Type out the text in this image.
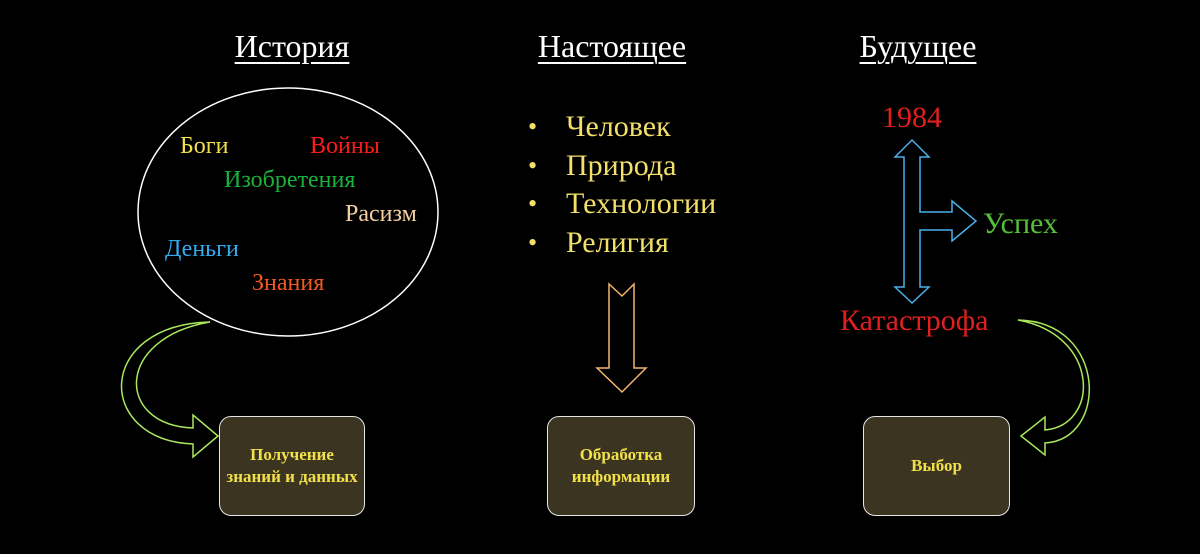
История	Настоящее	Будущее
Боги	Войны
Изобретения
Расизм
Деньги
Знания
• Человек
• Природа
• Технологии
• Религия
1984
Успех
Катастрофа
Получение знаний и данных
Обработка информации
Выбор
